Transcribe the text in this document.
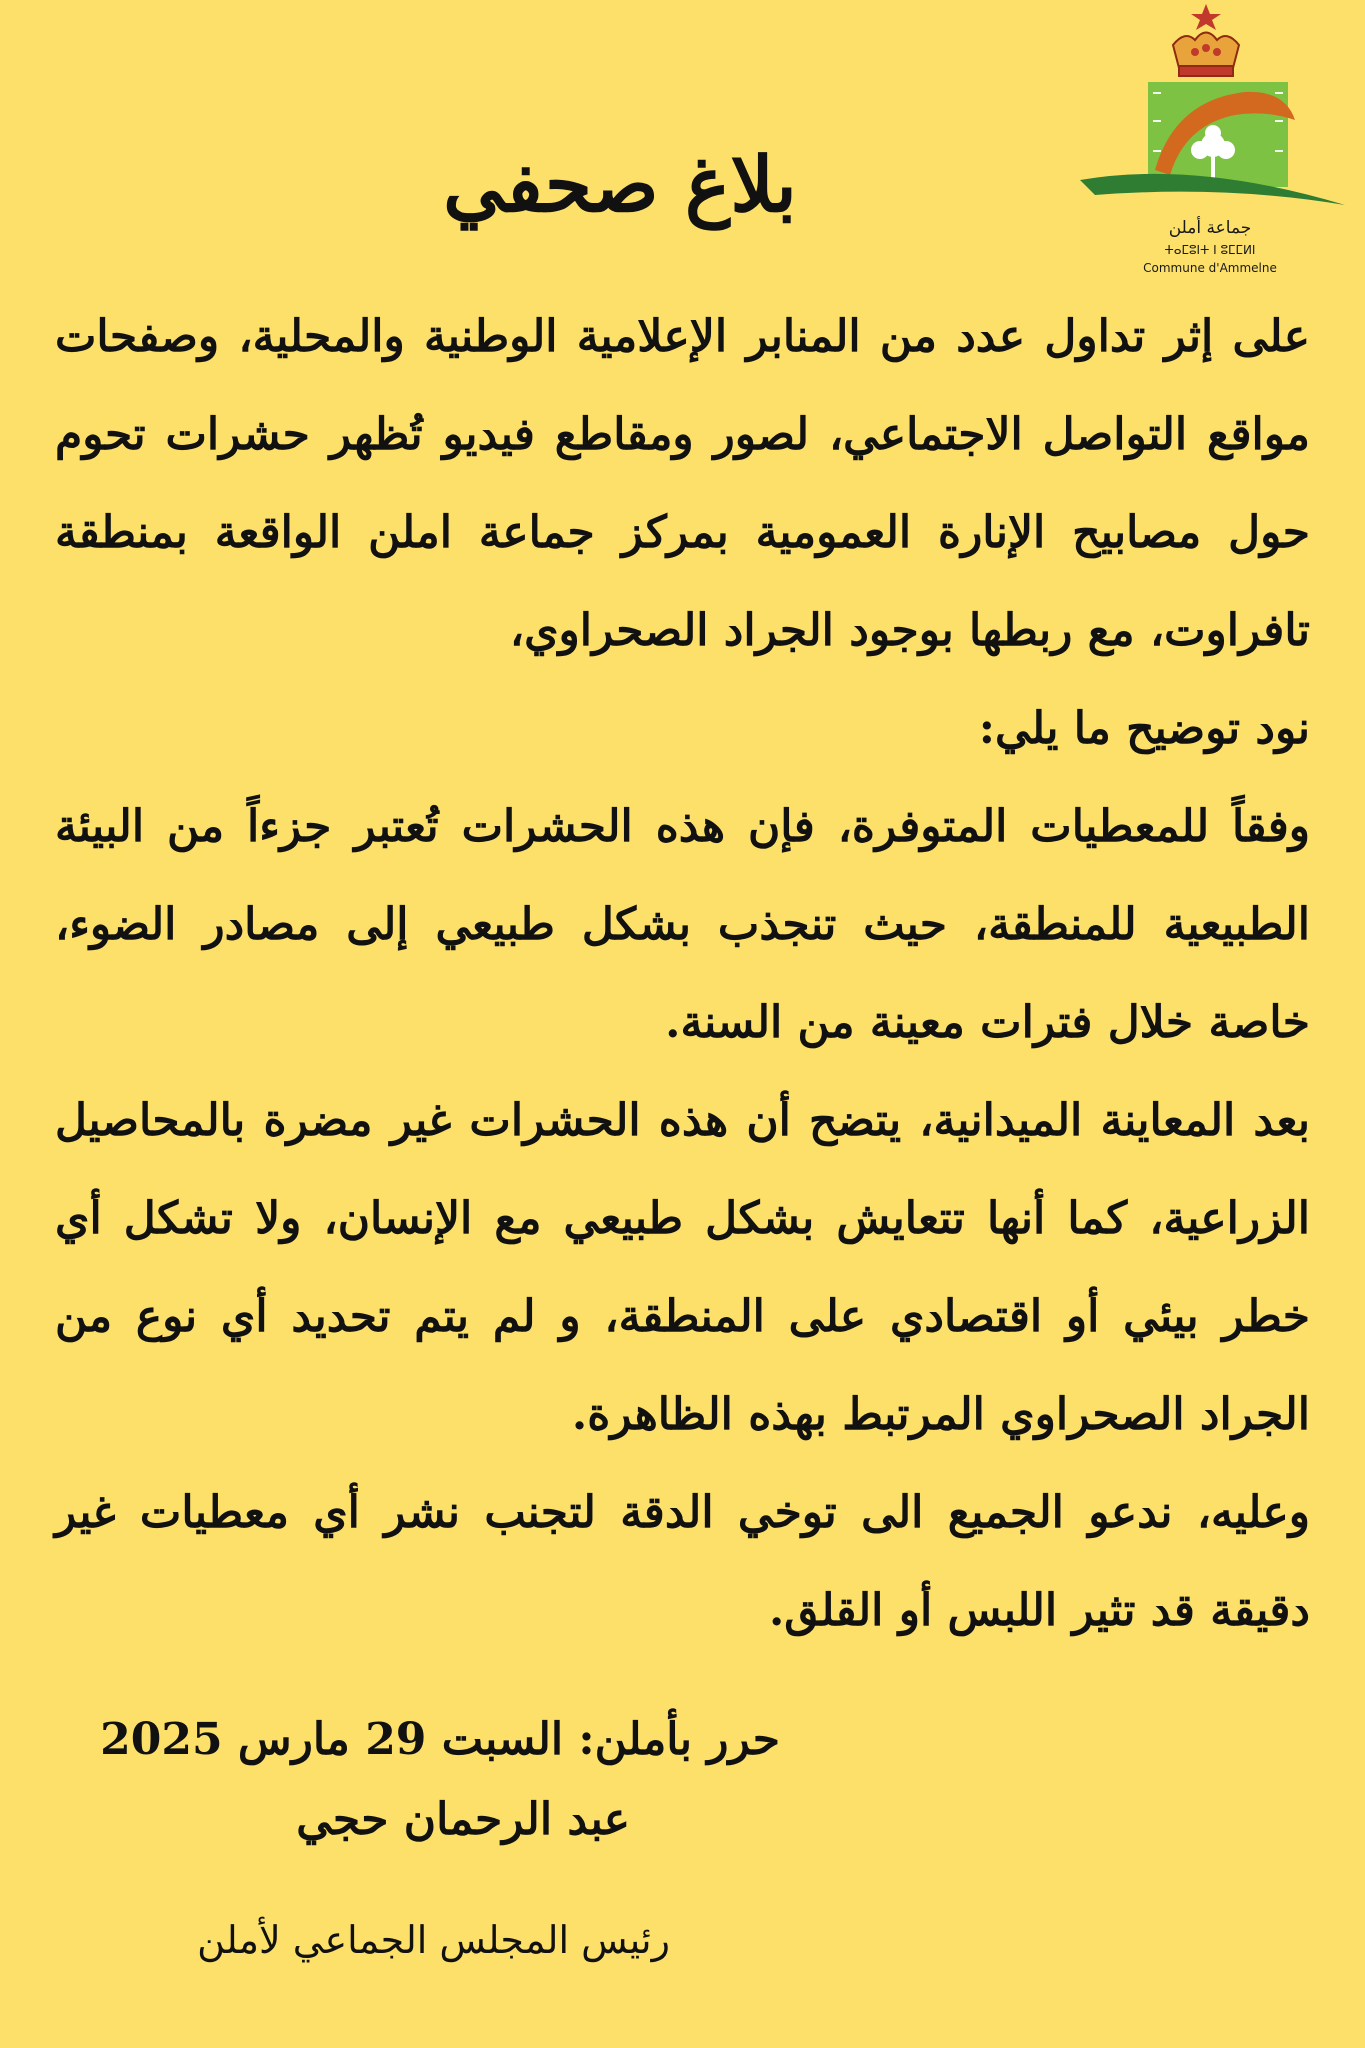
جماعة أملن
ⵜⴰⵎⵓⵏⵜ ⵏ ⵓⵎⵎⵍⵏ
Commune d'Ammelne
بلاغ صحفي

على إثر تداول عدد من المنابر الإعلامية الوطنية والمحلية، وصفحات مواقع التواصل الاجتماعي، لصور ومقاطع فيديو تُظهر حشرات تحوم حول مصابيح الإنارة العمومية بمركز جماعة املن الواقعة بمنطقة تافراوت، مع ربطها بوجود الجراد الصحراوي،

نود توضيح ما يلي:

وفقاً للمعطيات المتوفرة، فإن هذه الحشرات تُعتبر جزءاً من البيئة الطبيعية للمنطقة، حيث تنجذب بشكل طبيعي إلى مصادر الضوء، خاصة خلال فترات معينة من السنة.

بعد المعاينة الميدانية، يتضح أن هذه الحشرات غير مضرة بالمحاصيل الزراعية، كما أنها تتعايش بشكل طبيعي مع الإنسان، ولا تشكل أي خطر بيئي أو اقتصادي على المنطقة، و لم يتم تحديد أي نوع من الجراد الصحراوي المرتبط بهذه الظاهرة.

وعليه، ندعو الجميع الى توخي الدقة لتجنب نشر أي معطيات غير دقيقة قد تثير اللبس أو القلق.

حرر بأملن: السبت 29 مارس 2025
عبد الرحمان حجي
رئيس المجلس الجماعي لأملن
